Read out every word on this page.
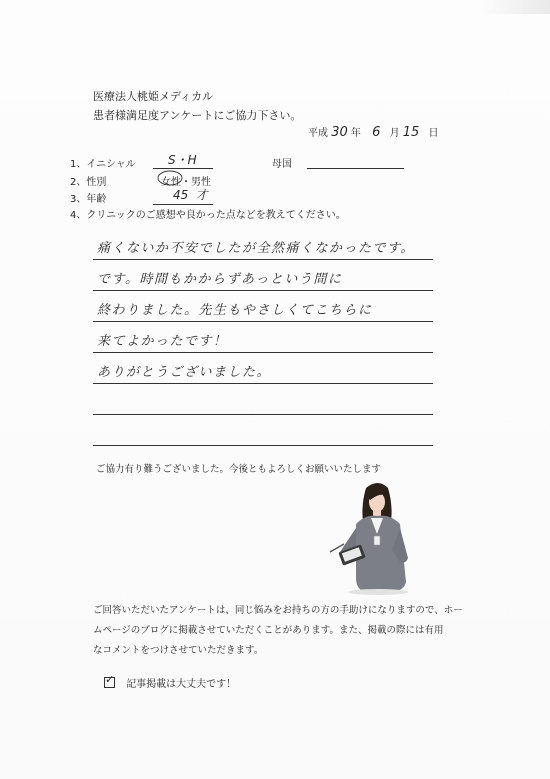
医療法人桃姫メディカル
患者様満足度アンケートにご協力下さい。
平成 30 年 6 月 15 日
1、イニシャル	S・H	母国
2、性別	女性・男性
3、年齢	45 才
4、クリニックのご感想や良かった点などを教えてください。
痛くないか不安でしたが全然痛くなかったです。
です。時間もかからずあっという間に
終わりました。先生もやさしくてこちらに
来てよかったです！
ありがとうございました。
ご協力有り難うございました。今後ともよろしくお願いいたします
ご回答いただいたアンケートは、同じ悩みをお持ちの方の手助けになりますので、ホー
ムページのブログに掲載させていただくことがあります。また、掲載の際には有用
なコメントをつけさせていただきます。
✓ 記事掲載は大丈夫です！
